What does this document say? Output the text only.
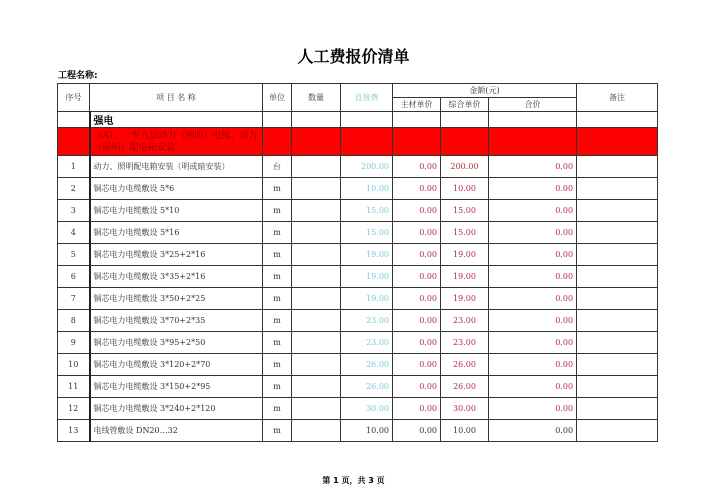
人工费报价清单
工程名称:
序号	项 目 名 称	单位	数量	直接费	金额(元)			备注
					主材单价	综合单价	合价	
	强电							
	（A）、一至九层动力（照明）电缆、动力（照明）配电箱安装							
1	动力、照明配电箱安装（明或暗安装）	台		200.00	0.00	200.00	0.00	
2	铜芯电力电缆敷设 5*6	m		10.00	0.00	10.00	0.00	
3	铜芯电力电缆敷设 5*10	m		15.00	0.00	15.00	0.00	
4	铜芯电力电缆敷设 5*16	m		15.00	0.00	15.00	0.00	
5	铜芯电力电缆敷设 3*25+2*16	m		19.00	0.00	19.00	0.00	
6	铜芯电力电缆敷设 3*35+2*16	m		19.00	0.00	19.00	0.00	
7	铜芯电力电缆敷设 3*50+2*25	m		19.00	0.00	19.00	0.00	
8	铜芯电力电缆敷设 3*70+2*35	m		23.00	0.00	23.00	0.00	
9	铜芯电力电缆敷设 3*95+2*50	m		23.00	0.00	23.00	0.00	
10	铜芯电力电缆敷设 3*120+2*70	m		26.00	0.00	26.00	0.00	
11	铜芯电力电缆敷设 3*150+2*95	m		26.00	0.00	26.00	0.00	
12	铜芯电力电缆敷设 3*240+2*120	m		30.00	0.00	30.00	0.00	
13	电线管敷设 DN20…32	m		10.00	0.00	10.00	0.00	
第 1 页，共 3 页
